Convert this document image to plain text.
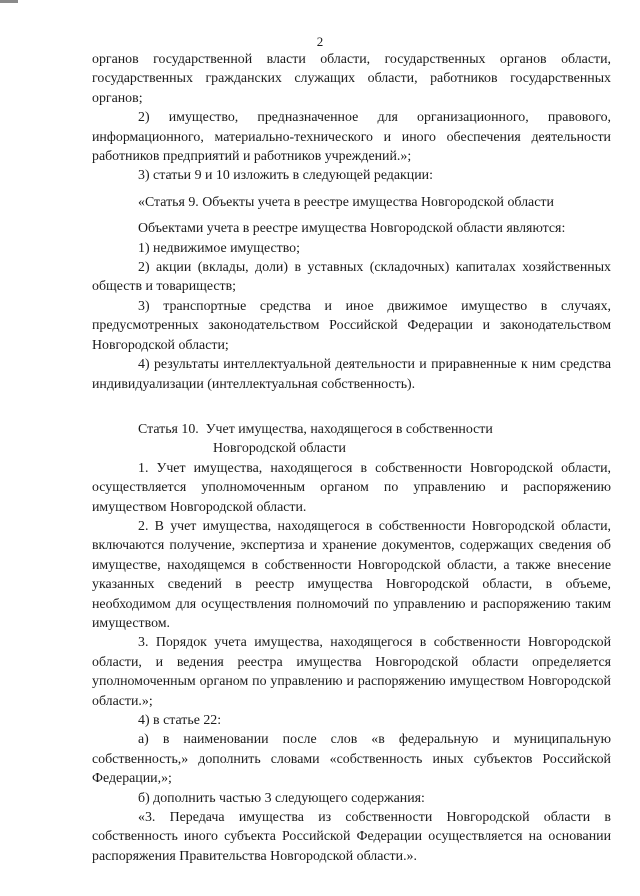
2

органов государственной власти области, государственных органов области, государственных гражданских служащих области, работников государственных органов;

2) имущество, предназначенное для организационного, правового, информационного, материально-технического и иного обеспечения деятельности работников предприятий и работников учреждений.»;

3) статьи 9 и 10 изложить в следующей редакции:

«Статья 9. Объекты учета в реестре имущества Новгородской области

Объектами учета в реестре имущества Новгородской области являются:

1) недвижимое имущество;

2) акции (вклады, доли) в уставных (складочных) капиталах хозяйственных обществ и товариществ;

3) транспортные средства и иное движимое имущество в случаях, предусмотренных законодательством Российской Федерации и законодательством Новгородской области;

4) результаты интеллектуальной деятельности и приравненные к ним средства индивидуализации (интеллектуальная собственность).

Статья 10. Учет имущества, находящегося в собственности
Новгородской области

1. Учет имущества, находящегося в собственности Новгородской области, осуществляется уполномоченным органом по управлению и распоряжению имуществом Новгородской области.

2. В учет имущества, находящегося в собственности Новгородской области, включаются получение, экспертиза и хранение документов, содержащих сведения об имуществе, находящемся в собственности Новгородской области, а также внесение указанных сведений в реестр имущества Новгородской области, в объеме, необходимом для осуществления полномочий по управлению и распоряжению таким имуществом.

3. Порядок учета имущества, находящегося в собственности Новгородской области, и ведения реестра имущества Новгородской области определяется уполномоченным органом по управлению и распоряжению имуществом Новгородской области.»;

4) в статье 22:

а) в наименовании после слов «в федеральную и муниципальную собственность,» дополнить словами «собственность иных субъектов Российской Федерации,»;

б) дополнить частью 3 следующего содержания:

«3. Передача имущества из собственности Новгородской области в собственность иного субъекта Российской Федерации осуществляется на основании распоряжения Правительства Новгородской области.».
